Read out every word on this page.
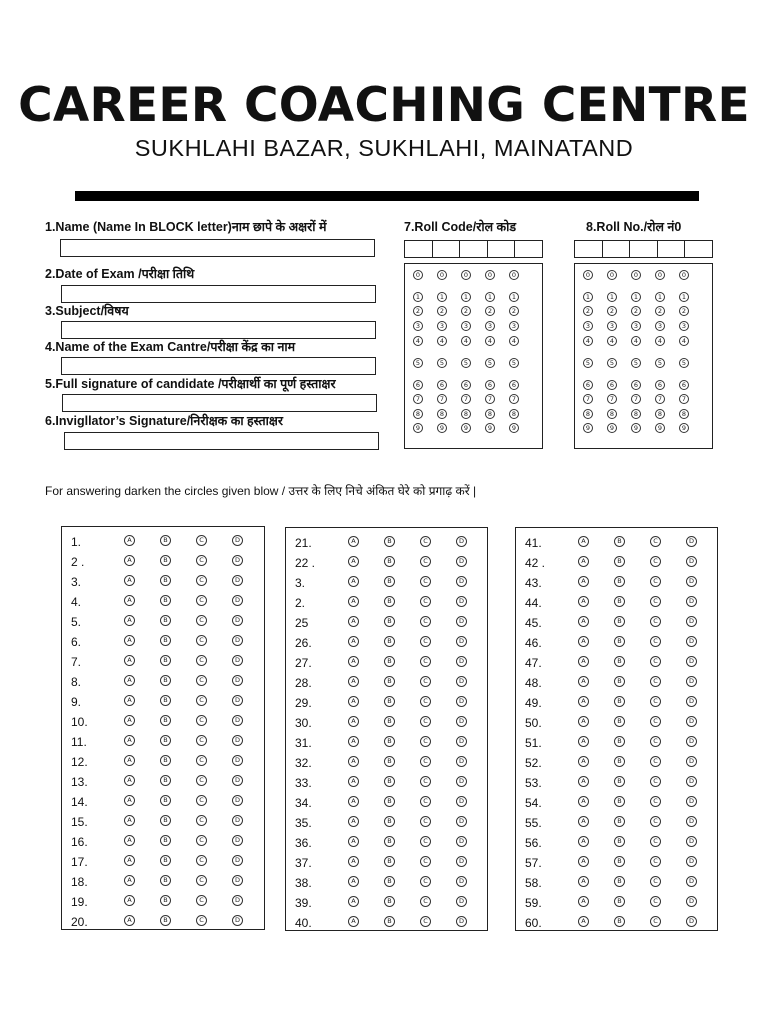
CAREER COACHING CENTRE
SUKHLAHI BAZAR, SUKHLAHI, MAINATAND
1.Name (Name In BLOCK letter)नाम छापे के अक्षरों में
2.Date of Exam /परीक्षा तिथि
3.Subject/विषय
4.Name of the Exam Cantre/परीक्षा केंद्र का नाम
5.Full signature of candidate /परीक्षार्थी का पूर्ण हस्ताक्षर
6.Invigllator’s Signature/निरीक्षक का हस्ताक्षर
7.Roll Code/रोल कोड	8.Roll No./रोल नं0
0	0	0	0	0
1	1	1	1	1
2	2	2	2	2
3	3	3	3	3
4	4	4	4	4
5	5	5	5	5
6	6	6	6	6
7	7	7	7	7
8	8	8	8	8
9	9	9	9	9
0	0	0	0	0
1	1	1	1	1
2	2	2	2	2
3	3	3	3	3
4	4	4	4	4
5	5	5	5	5
6	6	6	6	6
7	7	7	7	7
8	8	8	8	8
9	9	9	9	9
For answering darken the circles given blow / उत्तर के लिए निचे अंकित घेरे को प्रगाढ़ करें |
1.	A	B	C	D
2 .	A	B	C	D
3.	A	B	C	D
4.	A	B	C	D
5.	A	B	C	D
6.	A	B	C	D
7.	A	B	C	D
8.	A	B	C	D
9.	A	B	C	D
10.	A	B	C	D
11.	A	B	C	D
12.	A	B	C	D
13.	A	B	C	D
14.	A	B	C	D
15.	A	B	C	D
16.	A	B	C	D
17.	A	B	C	D
18.	A	B	C	D
19.	A	B	C	D
20.	A	B	C	D
21.	A	B	C	D
22 .	A	B	C	D
3.	A	B	C	D
2.	A	B	C	D
25	A	B	C	D
26.	A	B	C	D
27.	A	B	C	D
28.	A	B	C	D
29.	A	B	C	D
30.	A	B	C	D
31.	A	B	C	D
32.	A	B	C	D
33.	A	B	C	D
34.	A	B	C	D
35.	A	B	C	D
36.	A	B	C	D
37.	A	B	C	D
38.	A	B	C	D
39.	A	B	C	D
40.	A	B	C	D
41.	A	B	C	D
42 .	A	B	C	D
43.	A	B	C	D
44.	A	B	C	D
45.	A	B	C	D
46.	A	B	C	D
47.	A	B	C	D
48.	A	B	C	D
49.	A	B	C	D
50.	A	B	C	D
51.	A	B	C	D
52.	A	B	C	D
53.	A	B	C	D
54.	A	B	C	D
55.	A	B	C	D
56.	A	B	C	D
57.	A	B	C	D
58.	A	B	C	D
59.	A	B	C	D
60.	A	B	C	D
